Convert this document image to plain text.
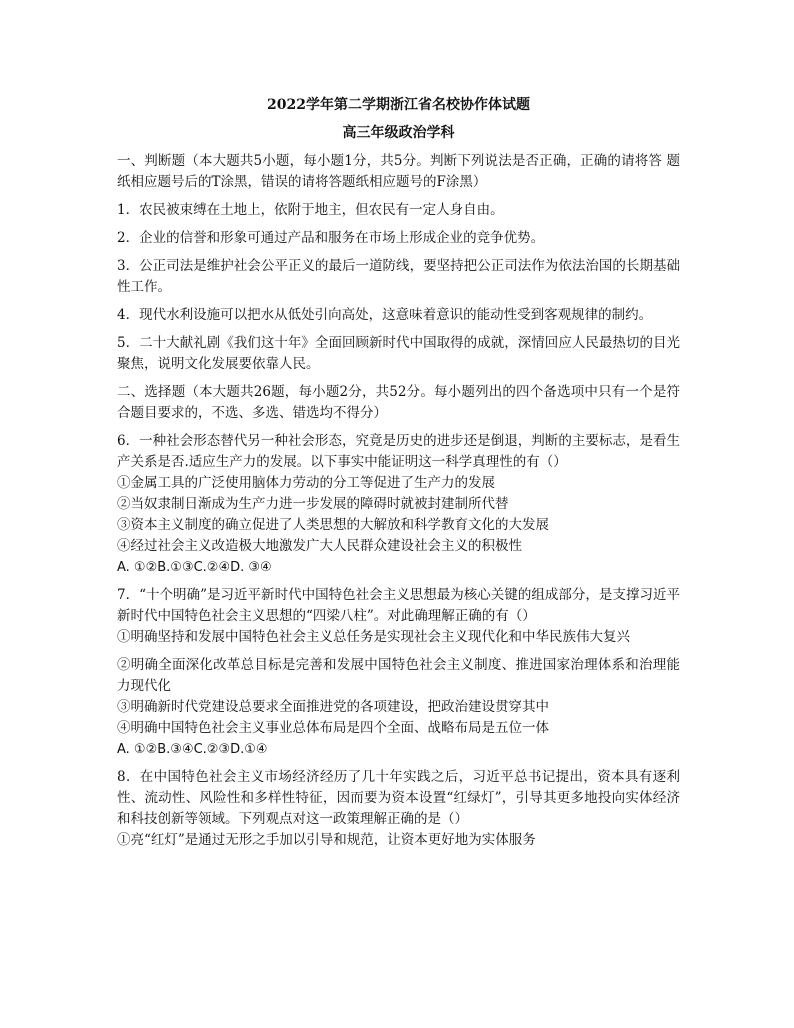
2022学年第二学期浙江省名校协作体试题

高三年级政治学科

一、判断题（本大题共5小题，每小题1分，共5分。判断下列说法是否正确，正确的请将答 题纸相应题号后的T涂黑，错误的请将答题纸相应题号的F涂黑）

1．农民被束缚在土地上，依附于地主，但农民有一定人身自由。

2．企业的信誉和形象可通过产品和服务在市场上形成企业的竞争优势。

3．公正司法是维护社会公平正义的最后一道防线，要坚持把公正司法作为依法治国的长期基础性工作。

4．现代水利设施可以把水从低处引向高处，这意味着意识的能动性受到客观规律的制约。

5．二十大献礼剧《我们这十年》全面回顾新时代中国取得的成就，深情回应人民最热切的目光聚焦，说明文化发展要依靠人民。

二、选择题（本大题共26题，每小题2分，共52分。每小题列出的四个备选项中只有一个是符合题目要求的，不选、多选、错选均不得分）

6．一种社会形态替代另一种社会形态，究竟是历史的进步还是倒退，判断的主要标志，是看生产关系是否.适应生产力的发展。以下事实中能证明这一科学真理性的有（）

①金属工具的广泛使用脑体力劳动的分工等促进了生产力的发展

②当奴隶制日渐成为生产力进一步发展的障碍时就被封建制所代替

③资本主义制度的确立促进了人类思想的大解放和科学教育文化的大发展

④经过社会主义改造极大地激发广大人民群众建设社会主义的积极性

A. ①②B.①③C.②④D. ③④

7．“十个明确”是习近平新时代中国特色社会主义思想最为核心关键的组成部分，是支撑习近平新时代中国特色社会主义思想的“四梁八柱”。对此确理解正确的有（）

①明确坚持和发展中国特色社会主义总任务是实现社会主义现代化和中华民族伟大复兴

②明确全面深化改革总目标是完善和发展中国特色社会主义制度、推进国家治理体系和治理能力现代化

③明确新时代党建设总要求全面推进党的各项建设，把政治建设贯穿其中

④明确中国特色社会主义事业总体布局是四个全面、战略布局是五位一体

A. ①②B.③④C.②③D.①④

8．在中国特色社会主义市场经济经历了几十年实践之后，习近平总书记提出，资本具有逐利性、流动性、风险性和多样性特征，因而要为资本设置“红绿灯”，引导其更多地投向实体经济和科技创新等领域。下列观点对这一政策理解正确的是（）

①亮“红灯”是通过无形之手加以引导和规范，让资本更好地为实体服务
